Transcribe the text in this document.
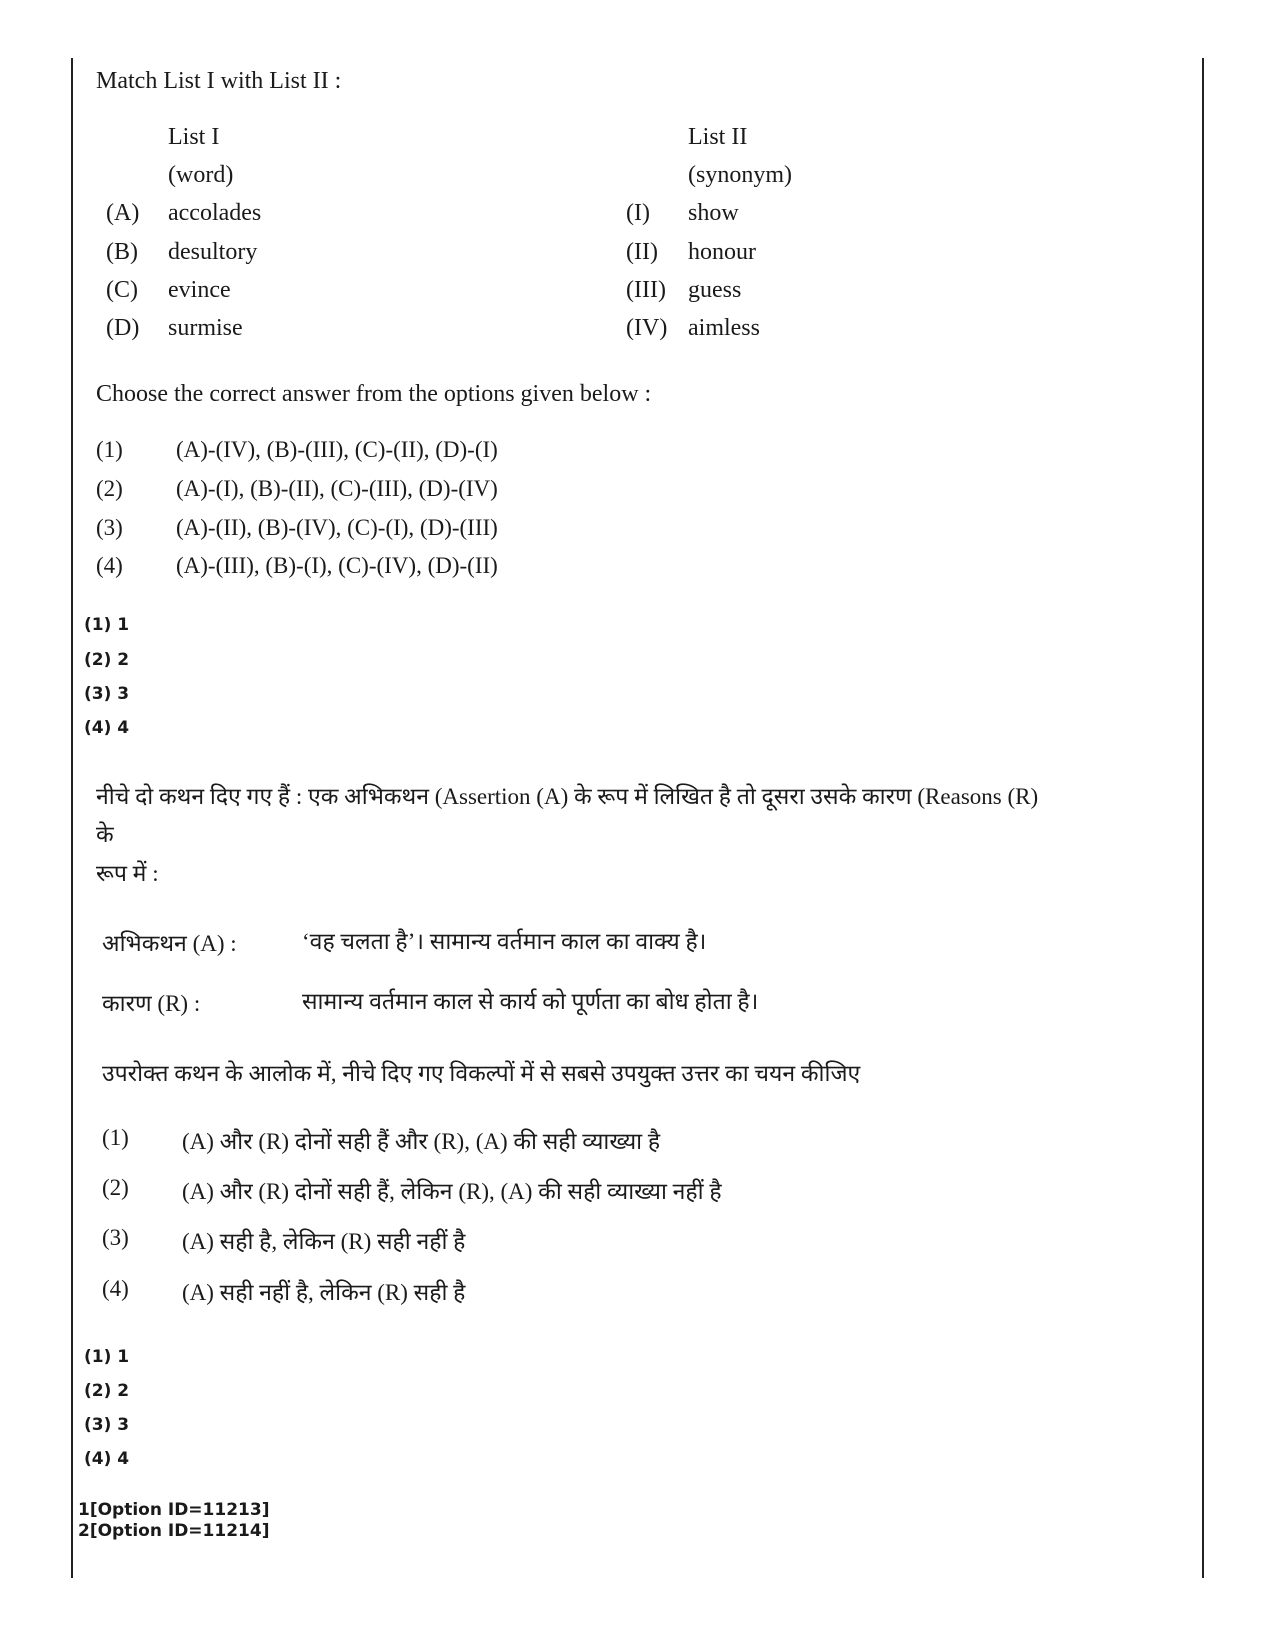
Match List I with List II :
List I
(word)
List II
(synonym)
(A) accolades	(I) show
(B) desultory	(II) honour
(C) evince	(III) guess
(D) surmise	(IV) aimless
Choose the correct answer from the options given below :
(1) (A)-(IV), (B)-(III), (C)-(II), (D)-(I)
(2) (A)-(I), (B)-(II), (C)-(III), (D)-(IV)
(3) (A)-(II), (B)-(IV), (C)-(I), (D)-(III)
(4) (A)-(III), (B)-(I), (C)-(IV), (D)-(II)
(1) 1
(2) 2
(3) 3
(4) 4
नीचे दो कथन दिए गए हैं : एक अभिकथन (Assertion (A) के रूप में लिखित है तो दूसरा उसके कारण (Reasons (R)
के
रूप में :
अभिकथन (A) :	‘वह चलता है’। सामान्य वर्तमान काल का वाक्य है।
कारण (R) :	सामान्य वर्तमान काल से कार्य को पूर्णता का बोध होता है।
उपरोक्त कथन के आलोक में, नीचे दिए गए विकल्पों में से सबसे उपयुक्त उत्तर का चयन कीजिए
(1) (A) और (R) दोनों सही हैं और (R), (A) की सही व्याख्या है
(2) (A) और (R) दोनों सही हैं, लेकिन (R), (A) की सही व्याख्या नहीं है
(3) (A) सही है, लेकिन (R) सही नहीं है
(4) (A) सही नहीं है, लेकिन (R) सही है
(1) 1
(2) 2
(3) 3
(4) 4
1[Option ID=11213]
2[Option ID=11214]
